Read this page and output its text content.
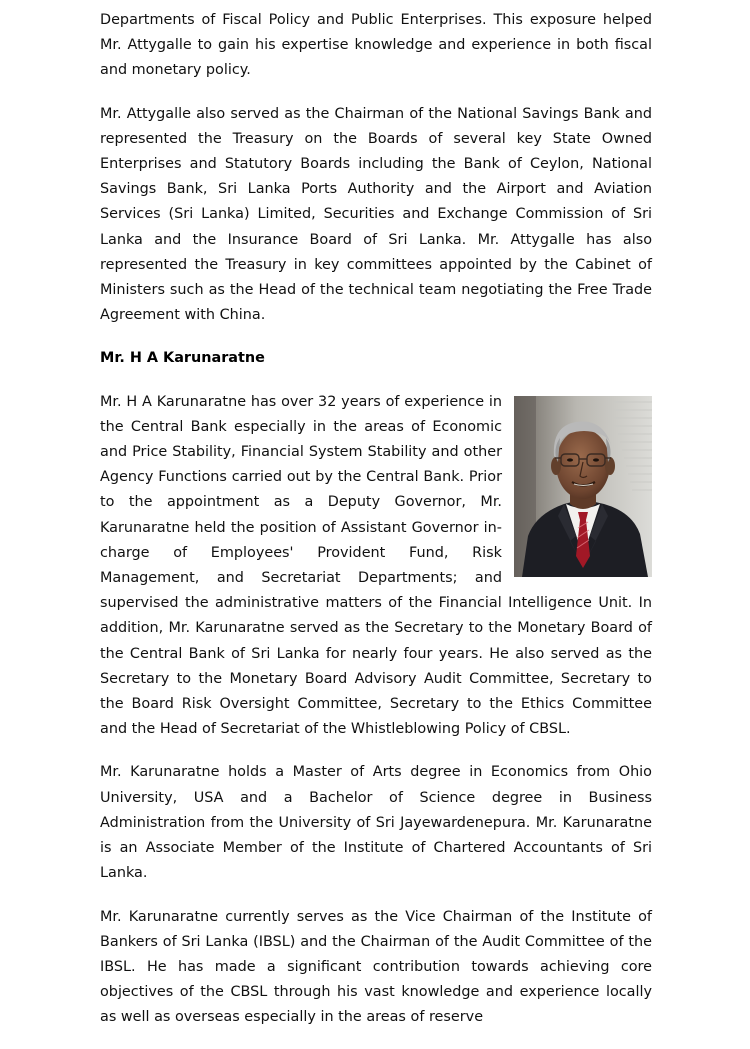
Departments of Fiscal Policy and Public Enterprises. This exposure helped Mr. Attygalle to gain his expertise knowledge and experience in both fiscal and monetary policy.

Mr. Attygalle also served as the Chairman of the National Savings Bank and represented the Treasury on the Boards of several key State Owned Enterprises and Statutory Boards including the Bank of Ceylon, National Savings Bank, Sri Lanka Ports Authority and the Airport and Aviation Services (Sri Lanka) Limited, Securities and Exchange Commission of Sri Lanka and the Insurance Board of Sri Lanka. Mr. Attygalle has also represented the Treasury in key committees appointed by the Cabinet of Ministers such as the Head of the technical team negotiating the Free Trade Agreement with China.

Mr. H A Karunaratne

Mr. H A Karunaratne has over 32 years of experience in the Central Bank especially in the areas of Economic and Price Stability, Financial System Stability and other Agency Functions carried out by the Central Bank. Prior to the appointment as a Deputy Governor, Mr. Karunaratne held the position of Assistant Governor in-charge of Employees' Provident Fund, Risk Management, and Secretariat Departments; and supervised the administrative matters of the Financial Intelligence Unit. In addition, Mr. Karunaratne served as the Secretary to the Monetary Board of the Central Bank of Sri Lanka for nearly four years. He also served as the Secretary to the Monetary Board Advisory Audit Committee, Secretary to the Board Risk Oversight Committee, Secretary to the Ethics Committee and the Head of Secretariat of the Whistleblowing Policy of CBSL.

Mr. Karunaratne holds a Master of Arts degree in Economics from Ohio University, USA and a Bachelor of Science degree in Business Administration from the University of Sri Jayewardenepura. Mr. Karunaratne is an Associate Member of the Institute of Chartered Accountants of Sri Lanka.

Mr. Karunaratne currently serves as the Vice Chairman of the Institute of Bankers of Sri Lanka (IBSL) and the Chairman of the Audit Committee of the IBSL. He has made a significant contribution towards achieving core objectives of the CBSL through his vast knowledge and experience locally as well as overseas especially in the areas of reserve
